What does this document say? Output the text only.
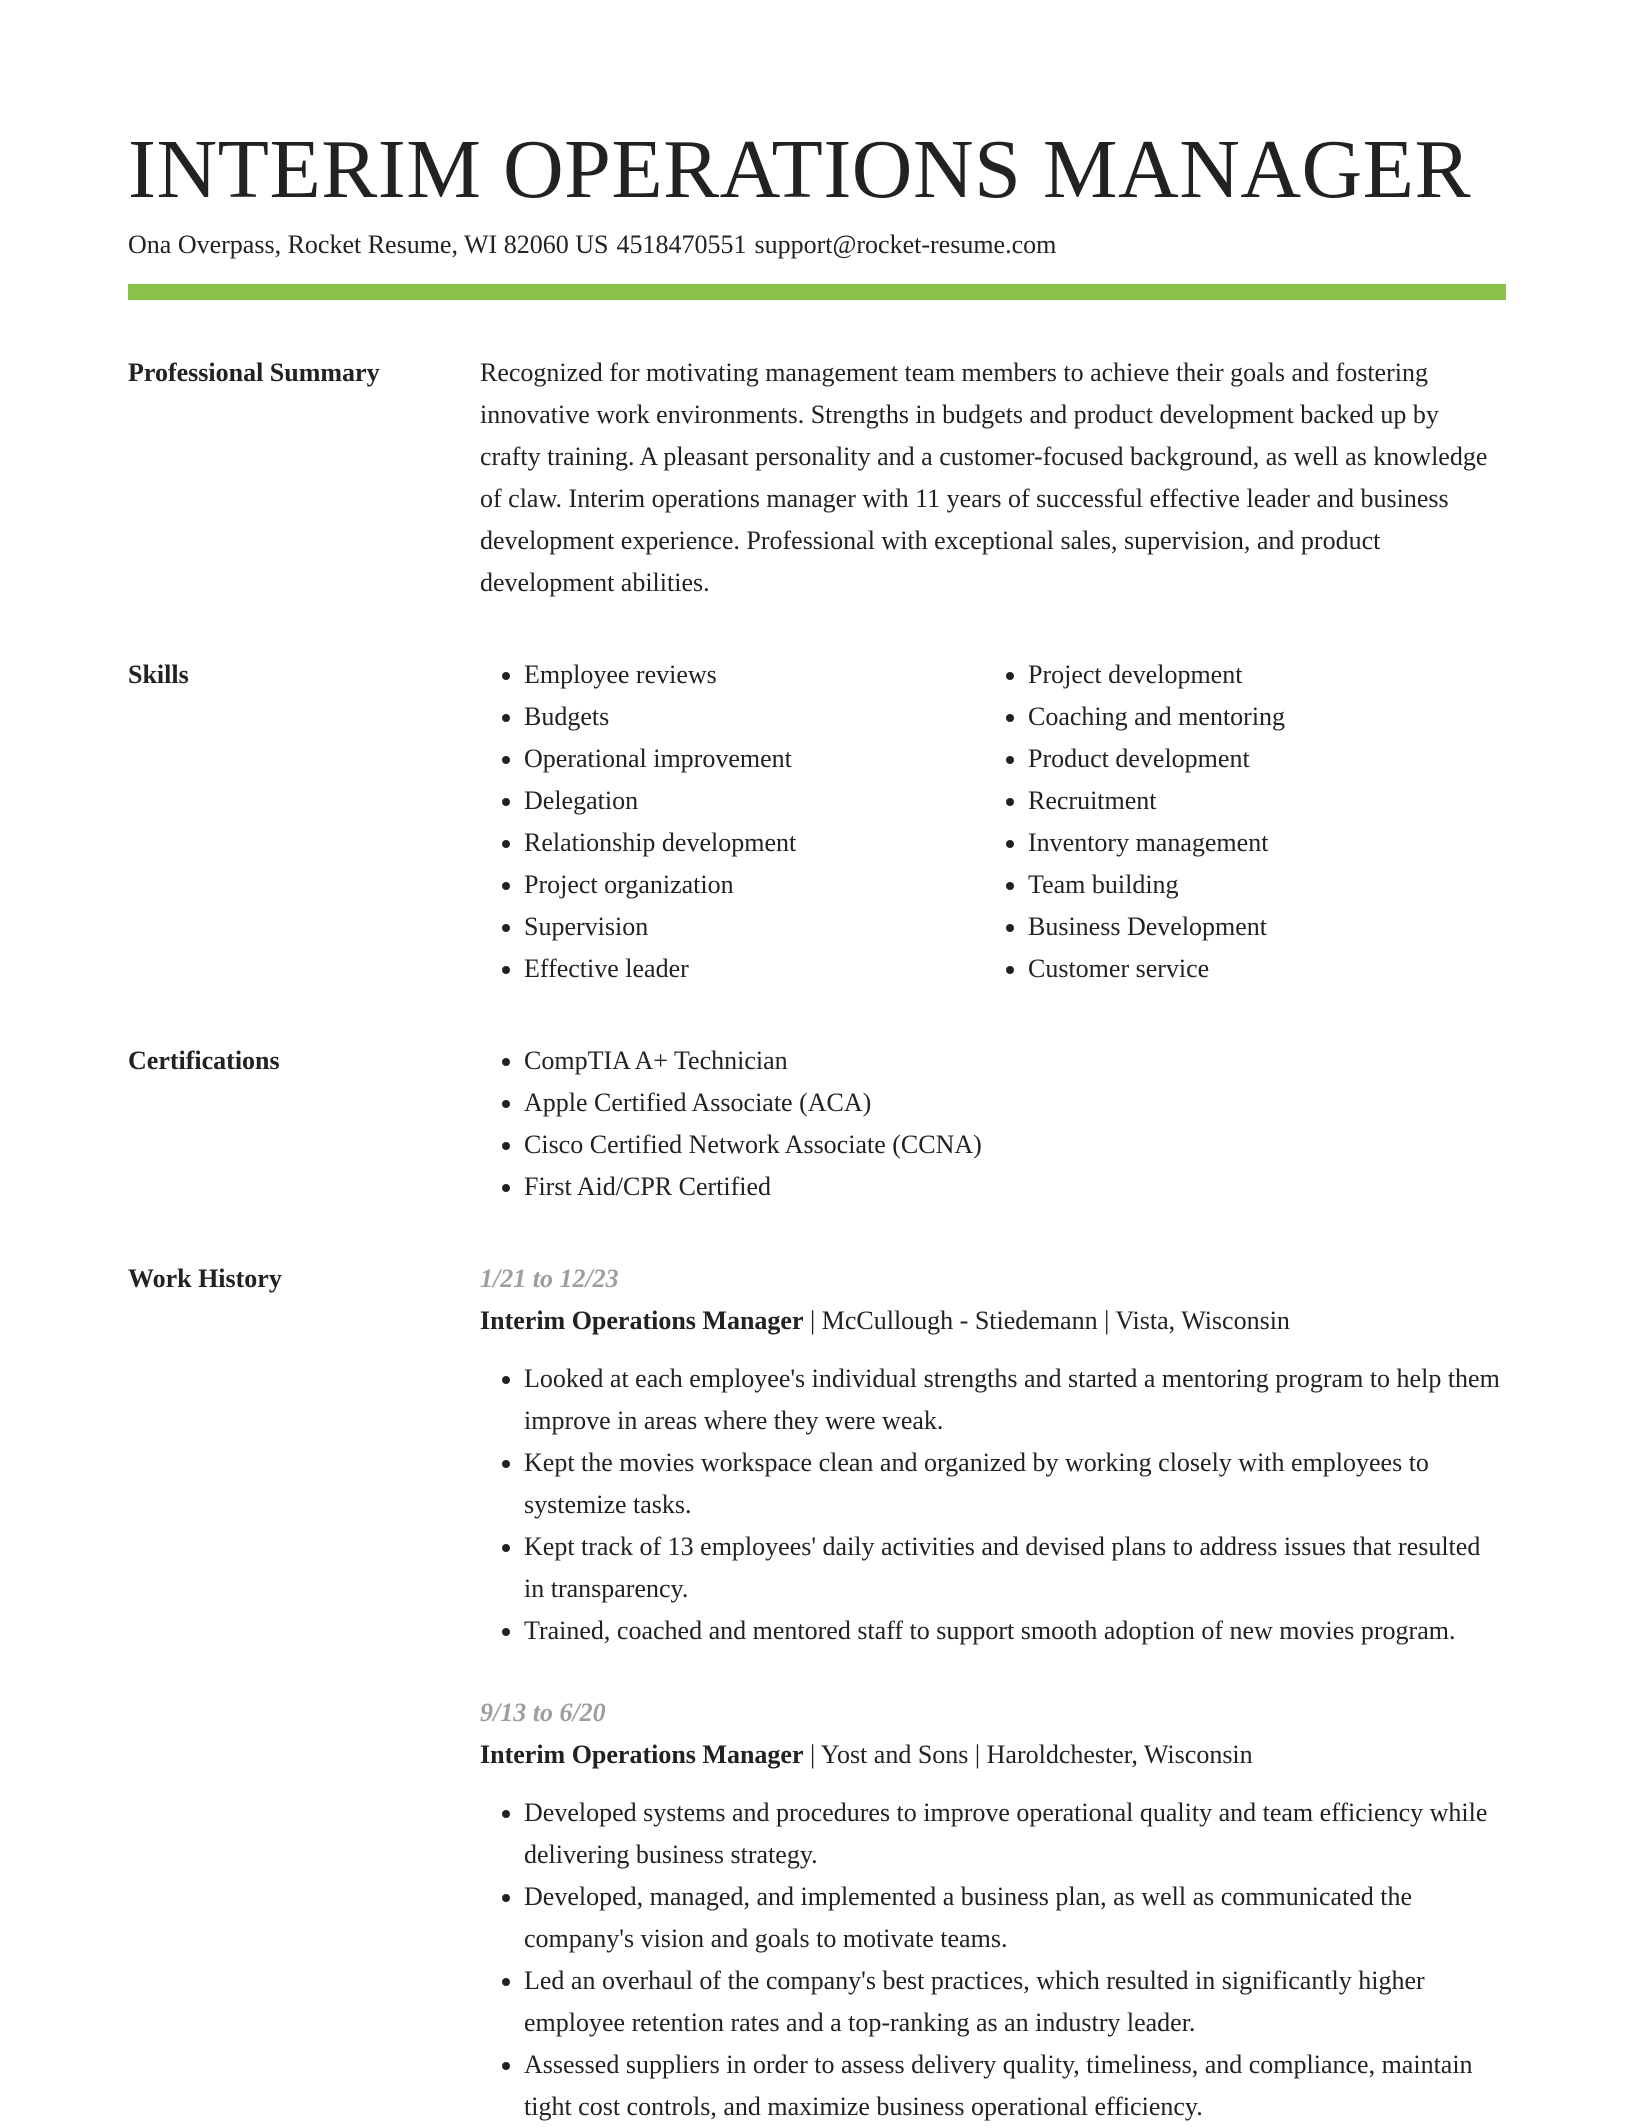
INTERIM OPERATIONS MANAGER
Ona Overpass, Rocket Resume, WI 82060 US 4518470551 support@rocket-resume.com
Professional Summary	Recognized for motivating management team members to achieve their goals and fostering innovative work environments. Strengths in budgets and product development backed up by crafty training. A pleasant personality and a customer-focused background, as well as knowledge of claw. Interim operations manager with 11 years of successful effective leader and business development experience. Professional with exceptional sales, supervision, and product development abilities.

Skills	• Employee reviews
• Budgets
• Operational improvement
• Delegation
• Relationship development
• Project organization
• Supervision
• Effective leader
• Project development
• Coaching and mentoring
• Product development
• Recruitment
• Inventory management
• Team building
• Business Development
• Customer service
Certifications	• CompTIA A+ Technician
• Apple Certified Associate (ACA)
• Cisco Certified Network Associate (CCNA)
• First Aid/CPR Certified
Work History	1/21 to 12/23
Interim Operations Manager | McCullough - Stiedemann | Vista, Wisconsin
• Looked at each employee's individual strengths and started a mentoring program to help them improve in areas where they were weak.
• Kept the movies workspace clean and organized by working closely with employees to systemize tasks.
• Kept track of 13 employees' daily activities and devised plans to address issues that resulted in transparency.
• Trained, coached and mentored staff to support smooth adoption of new movies program.
9/13 to 6/20
Interim Operations Manager | Yost and Sons | Haroldchester, Wisconsin
• Developed systems and procedures to improve operational quality and team efficiency while delivering business strategy.
• Developed, managed, and implemented a business plan, as well as communicated the company's vision and goals to motivate teams.
• Led an overhaul of the company's best practices, which resulted in significantly higher employee retention rates and a top-ranking as an industry leader.
• Assessed suppliers in order to assess delivery quality, timeliness, and compliance, maintain tight cost controls, and maximize business operational efficiency.
